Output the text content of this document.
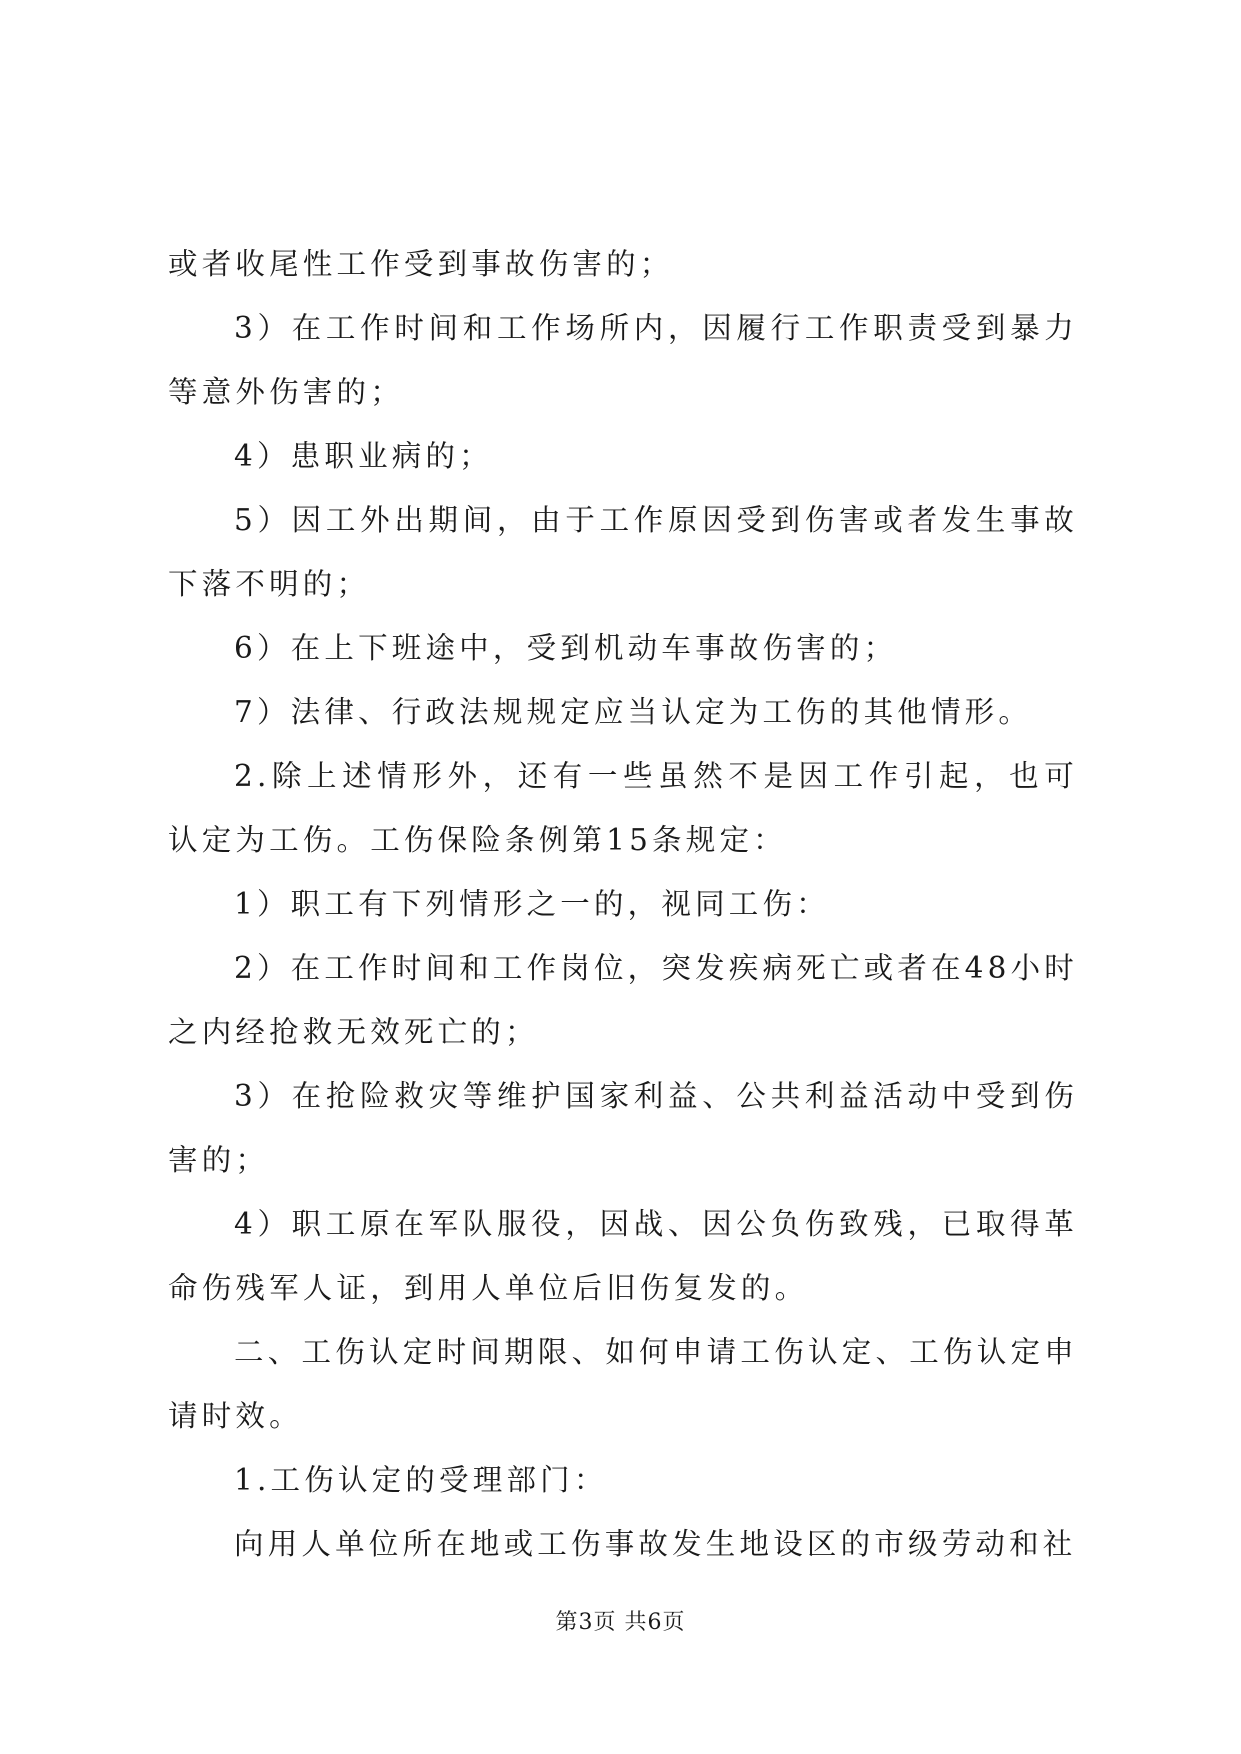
或者收尾性工作受到事故伤害的；

3）在工作时间和工作场所内，因履行工作职责受到暴力等意外伤害的；

4）患职业病的；

5）因工外出期间，由于工作原因受到伤害或者发生事故下落不明的；

6）在上下班途中，受到机动车事故伤害的；

7）法律、行政法规规定应当认定为工伤的其他情形。

2.除上述情形外，还有一些虽然不是因工作引起，也可认定为工伤。工伤保险条例第15条规定：

1）职工有下列情形之一的，视同工伤：

2）在工作时间和工作岗位，突发疾病死亡或者在48小时之内经抢救无效死亡的；

3）在抢险救灾等维护国家利益、公共利益活动中受到伤害的；

4）职工原在军队服役，因战、因公负伤致残，已取得革命伤残军人证，到用人单位后旧伤复发的。

二、工伤认定时间期限、如何申请工伤认定、工伤认定申请时效。

1.工伤认定的受理部门：

向用人单位所在地或工伤事故发生地设区的市级劳动和社

第3页 共6页
